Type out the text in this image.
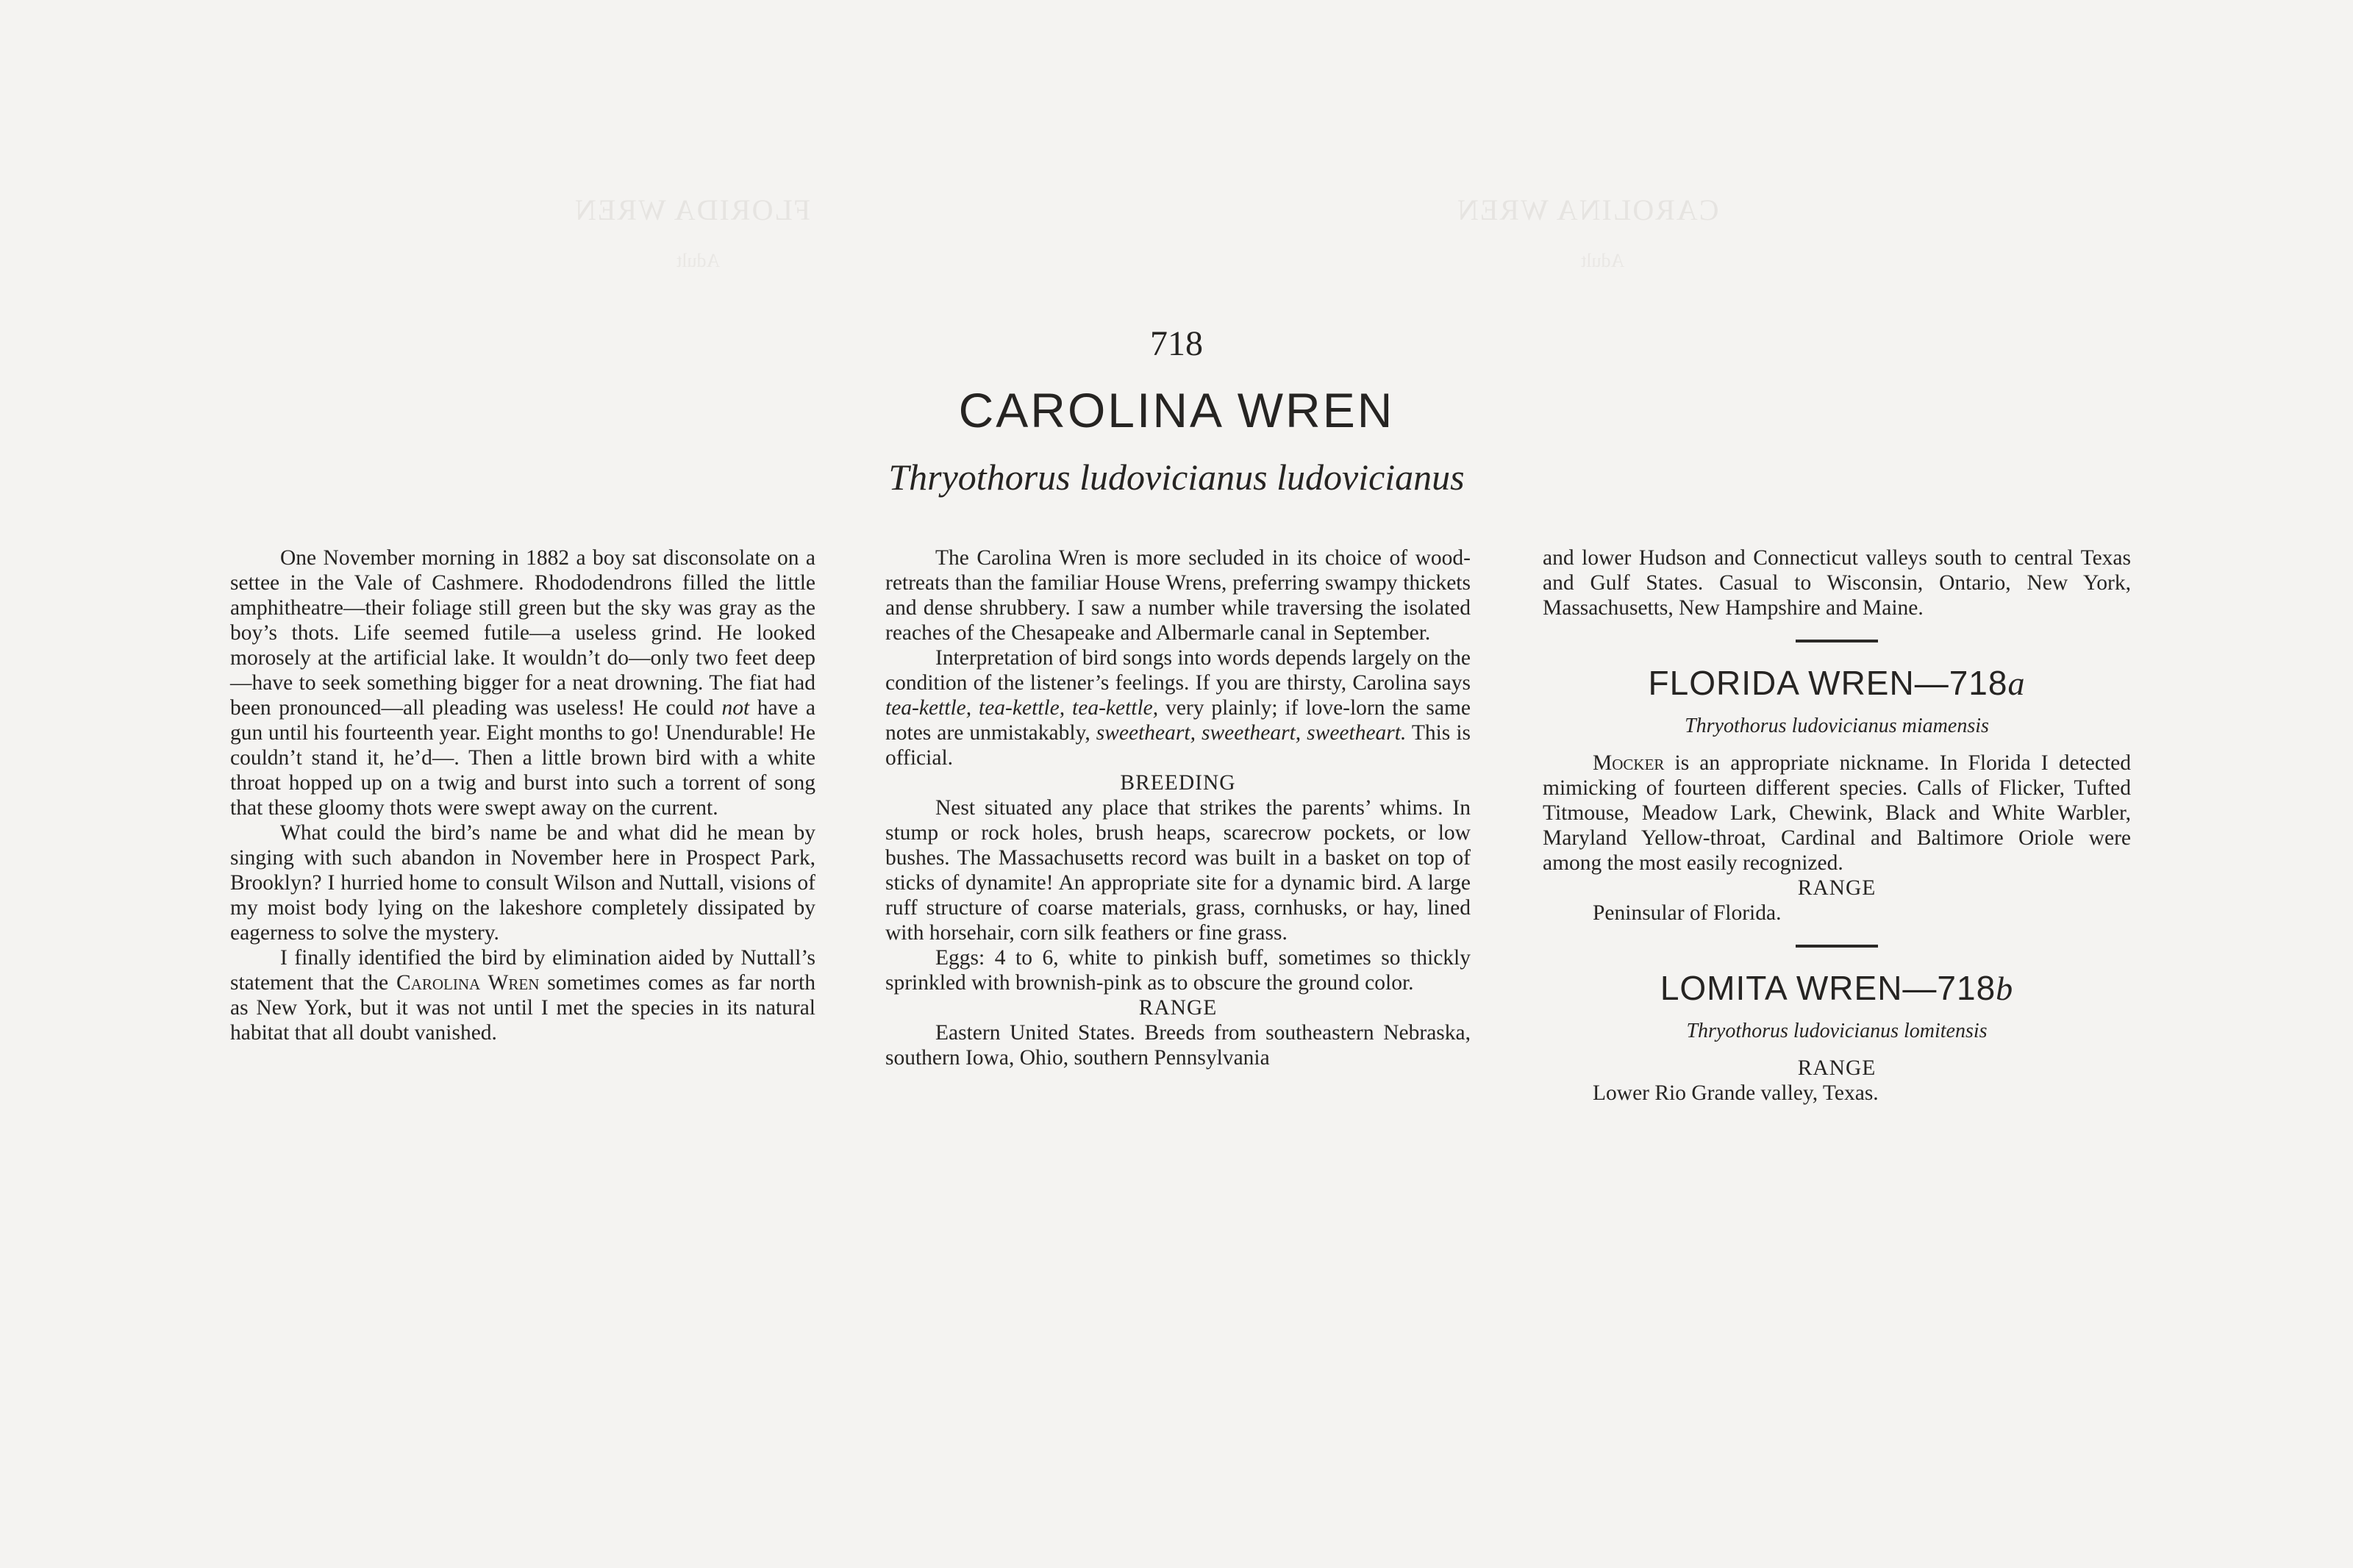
FLORIDA WREN	CAROLINA WREN
Adult	Adult
718
CAROLINA WREN
Thryothorus ludovicianus ludovicianus

One November morning in 1882 a boy sat disconsolate on a settee in the Vale of Cashmere. Rhododendrons filled the little amphitheatre—their foliage still green but the sky was gray as the boy’s thots. Life seemed futile—a useless grind. He looked morosely at the artificial lake. It wouldn’t do—only two feet deep —have to seek something bigger for a neat drowning. The fiat had been pronounced—all pleading was useless! He could not have a gun until his fourteenth year. Eight months to go! Unendurable! He couldn’t stand it, he’d—. Then a little brown bird with a white throat hopped up on a twig and burst into such a torrent of song that these gloomy thots were swept away on the current.

What could the bird’s name be and what did he mean by singing with such abandon in November here in Prospect Park, Brooklyn? I hurried home to consult Wilson and Nuttall, visions of my moist body lying on the lakeshore completely dissipated by eagerness to solve the mystery.

I finally identified the bird by elimination aided by Nuttall’s statement that the Carolina Wren sometimes comes as far north as New York, but it was not until I met the species in its natural habitat that all doubt vanished.

The Carolina Wren is more secluded in its choice of wood-retreats than the familiar House Wrens, preferring swampy thickets and dense shrubbery. I saw a number while traversing the isolated reaches of the Chesapeake and Albermarle canal in September.

Interpretation of bird songs into words depends largely on the condition of the listener’s feelings. If you are thirsty, Carolina says tea-kettle, tea-kettle, tea-kettle, very plainly; if love-lorn the same notes are unmistakably, sweetheart, sweetheart, sweetheart. This is official.

BREEDING

Nest situated any place that strikes the parents’ whims. In stump or rock holes, brush heaps, scarecrow pockets, or low bushes. The Massachusetts record was built in a basket on top of sticks of dynamite! An appropriate site for a dynamic bird. A large ruff structure of coarse materials, grass, cornhusks, or hay, lined with horsehair, corn silk feathers or fine grass.

Eggs: 4 to 6, white to pinkish buff, sometimes so thickly sprinkled with brownish-pink as to obscure the ground color.

RANGE

Eastern United States. Breeds from southeastern Nebraska, southern Iowa, Ohio, southern Pennsylvania

and lower Hudson and Connecticut valleys south to central Texas and Gulf States. Casual to Wisconsin, Ontario, New York, Massachusetts, New Hampshire and Maine.
FLORIDA WREN—718a
Thryothorus ludovicianus miamensis

Mocker is an appropriate nickname. In Florida I detected mimicking of fourteen different species. Calls of Flicker, Tufted Titmouse, Meadow Lark, Chewink, Black and White Warbler, Maryland Yellow-throat, Cardinal and Baltimore Oriole were among the most easily recognized.

RANGE

Peninsular of Florida.

LOMITA WREN—718b
Thryothorus ludovicianus lomitensis
RANGE

Lower Rio Grande valley, Texas.
